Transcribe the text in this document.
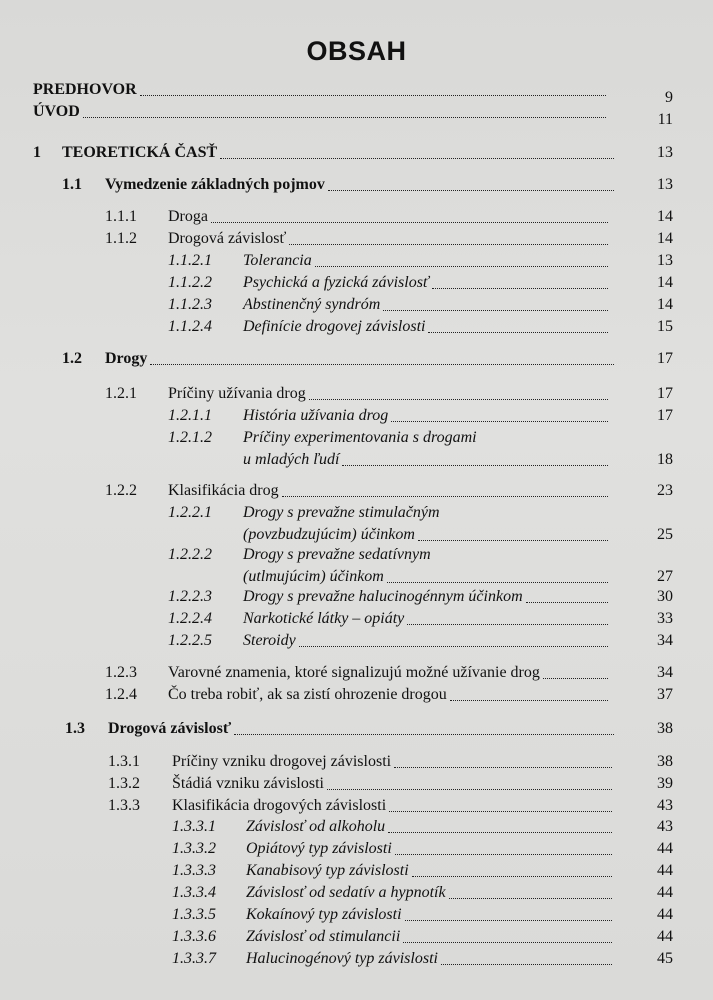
OBSAH
PREDHOVOR	9
ÚVOD	11
1 TEORETICKÁ ČASŤ	13
1.1 Vymedzenie základných pojmov	13
1.1.1 Droga	14
1.1.2 Drogová závislosť	14
1.1.2.1 Tolerancia	13
1.1.2.2 Psychická a fyzická závislosť	14
1.1.2.3 Abstinenčný syndróm	14
1.1.2.4 Definície drogovej závislosti	15
1.2 Drogy	17
1.2.1 Príčiny užívania drog	17
1.2.1.1 História užívania drog	17
1.2.1.2 Príčiny experimentovania s drogami
u mladých ľudí	18
1.2.2 Klasifikácia drog	23
1.2.2.1 Drogy s prevažne stimulačným
(povzbudzujúcim) účinkom	25
1.2.2.2 Drogy s prevažne sedatívnym
(utlmujúcim) účinkom	27
1.2.2.3 Drogy s prevažne halucinogénnym účinkom	30
1.2.2.4 Narkotické látky – opiáty	33
1.2.2.5 Steroidy	34
1.2.3 Varovné znamenia, ktoré signalizujú možné užívanie drog	34
1.2.4 Čo treba robiť, ak sa zistí ohrozenie drogou	37
1.3 Drogová závislosť	38
1.3.1 Príčiny vzniku drogovej závislosti	38
1.3.2 Štádiá vzniku závislosti	39
1.3.3 Klasifikácia drogových závislosti	43
1.3.3.1 Závislosť od alkoholu	43
1.3.3.2 Opiátový typ závislosti	44
1.3.3.3 Kanabisový typ závislosti	44
1.3.3.4 Závislosť od sedatív a hypnotík	44
1.3.3.5 Kokaínový typ závislosti	44
1.3.3.6 Závislosť od stimulancii	44
1.3.3.7 Halucinogénový typ závislosti	45
